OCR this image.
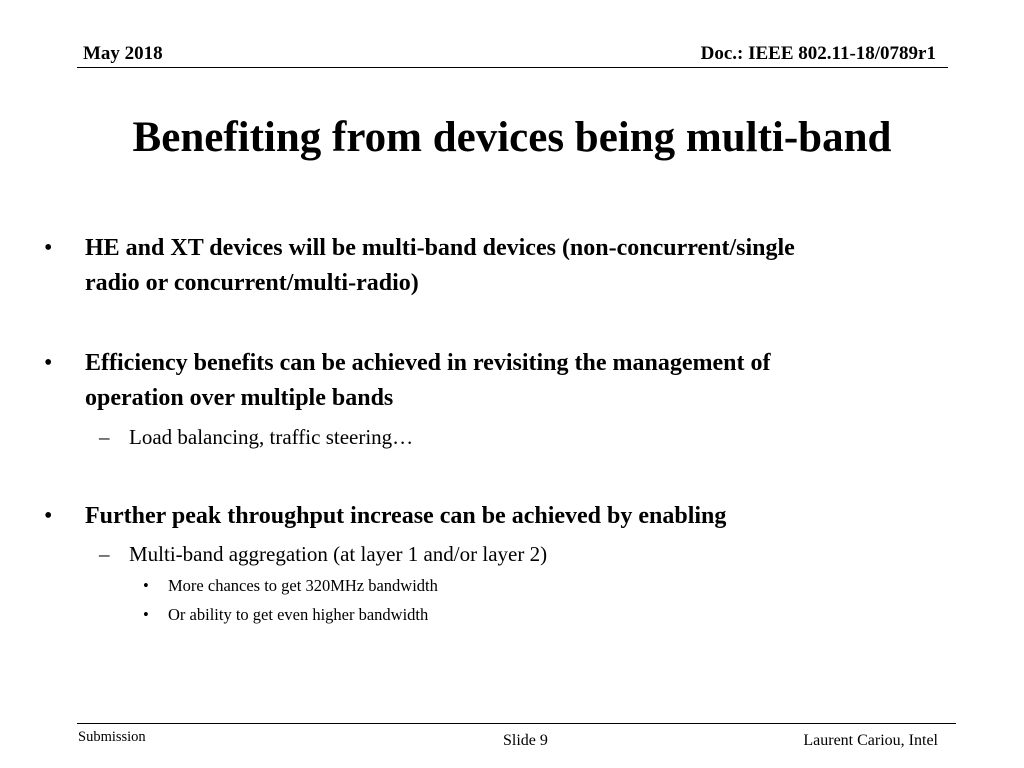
May 2018	Doc.: IEEE 802.11-18/0789r1
Benefiting from devices being multi-band
• HE and XT devices will be multi-band devices (non-concurrent/single
radio or concurrent/multi-radio)
• Efficiency benefits can be achieved in revisiting the management of
operation over multiple bands
– Load balancing, traffic steering…
• Further peak throughput increase can be achieved by enabling
– Multi-band aggregation (at layer 1 and/or layer 2)
• More chances to get 320MHz bandwidth
• Or ability to get even higher bandwidth
Submission	Slide 9	Laurent Cariou, Intel
